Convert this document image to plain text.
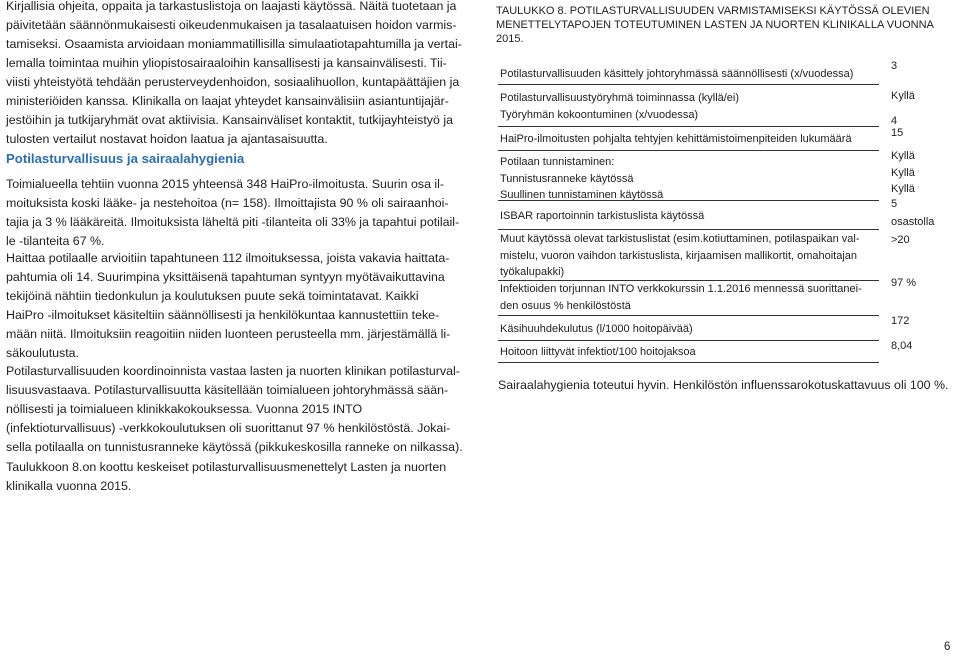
Kirjallisia ohjeita, oppaita ja tarkastuslistoja on laajasti käytössä. Näitä tuotetaan ja
päivitetään säännönmukaisesti oikeudenmukaisen ja tasalaatuisen hoidon varmis-
tamiseksi. Osaamista arvioidaan moniammatillisilla simulaatiotapahtumilla ja vertai-
lemalla toimintaa muihin yliopistosairaaloihin kansallisesti ja kansainvälisesti. Tii-
viisti yhteistyötä tehdään perusterveydenhoidon, sosiaalihuollon, kuntapäättäjien ja
ministeriöiden kanssa. Klinikalla on laajat yhteydet kansainvälisiin asiantuntijajär-
jestöihin ja tutkijaryhmät ovat aktiivisia. Kansainväliset kontaktit, tutkijayhteistyö ja
tulosten vertailut nostavat hoidon laatua ja ajantasaisuutta.
Potilasturvallisuus ja sairaalahygienia
Toimialueella tehtiin vuonna 2015 yhteensä 348 HaiPro-ilmoitusta. Suurin osa il-
moituksista koski lääke- ja nestehoitoa (n= 158). Ilmoittajista 90 % oli sairaanhoi-
tajia ja 3 % lääkäreitä. Ilmoituksista läheltä piti -tilanteita oli 33% ja tapahtui potilail-
le -tilanteita 67 %.
Haittaa potilaalle arvioitiin tapahtuneen 112 ilmoituksessa, joista vakavia haittata-
pahtumia oli 14. Suurimpina yksittäisenä tapahtuman syntyyn myötävaikuttavina
tekijöinä nähtiin tiedonkulun ja koulutuksen puute sekä toimintatavat. Kaikki
HaiPro -ilmoitukset käsiteltiin säännöllisesti ja henkilökuntaa kannustettiin teke-
mään niitä. Ilmoituksiin reagoitiin niiden luonteen perusteella mm. järjestämällä li-
säkoulutusta.
Potilasturvallisuuden koordinoinnista vastaa lasten ja nuorten klinikan potilasturval-
lisuusvastaava. Potilasturvallisuutta käsitellään toimialueen johtoryhmässä sään-
nöllisesti ja toimialueen klinikkakokouksessa. Vuonna 2015 INTO
(infektioturvallisuus) -verkkokoulutuksen oli suorittanut 97 % henkilöstöstä. Jokai-
sella potilaalla on tunnistusranneke käytössä (pikkukeskosilla ranneke on nilkassa).
Taulukkoon 8.on koottu keskeiset potilasturvallisuusmenettelyt Lasten ja nuorten
klinikalla vuonna 2015.
TAULUKKO 8. POTILASTURVALLISUUDEN VARMISTAMISEKSI KÄYTÖSSÄ OLEVIEN
MENETTELYTAPOJEN TOTEUTUMINEN LASTEN JA NUORTEN KLINIKALLA VUONNA
2015.
Potilasturvallisuuden käsittely johtoryhmässä säännöllisesti (x/vuodessa)
3
Potilasturvallisuustyöryhmä toiminnassa (kyllä/ei)
Työryhmän kokoontuminen (x/vuodessa)
Kyllä
4
HaiPro-ilmoitusten pohjalta tehtyjen kehittämistoimenpiteiden lukumäärä	15
Potilaan tunnistaminen:
Tunnistusranneke käytössä
Suullinen tunnistaminen käytössä
Kyllä
Kyllä
Kyllä
ISBAR raportoinnin tarkistuslista käytössä
5
osastolla
Muut käytössä olevat tarkistuslistat (esim.kotiuttaminen, potilaspaikan val-
mistelu, vuoron vaihdon tarkistuslista, kirjaamisen mallikortit, omahoitajan
työkalupakki)
>20
Infektioiden torjunnan INTO verkkokurssin 1.1.2016 mennessä suorittanei-
den osuus % henkilöstöstä
97 %
Käsihuuhdekulutus (l/1000 hoitopäivää)
172
Hoitoon liittyvät infektiot/100 hoitojaksoa	8,04

Sairaalahygienia toteutui hyvin. Henkilöstön influenssarokotuskattavuus oli 100 %.

6
